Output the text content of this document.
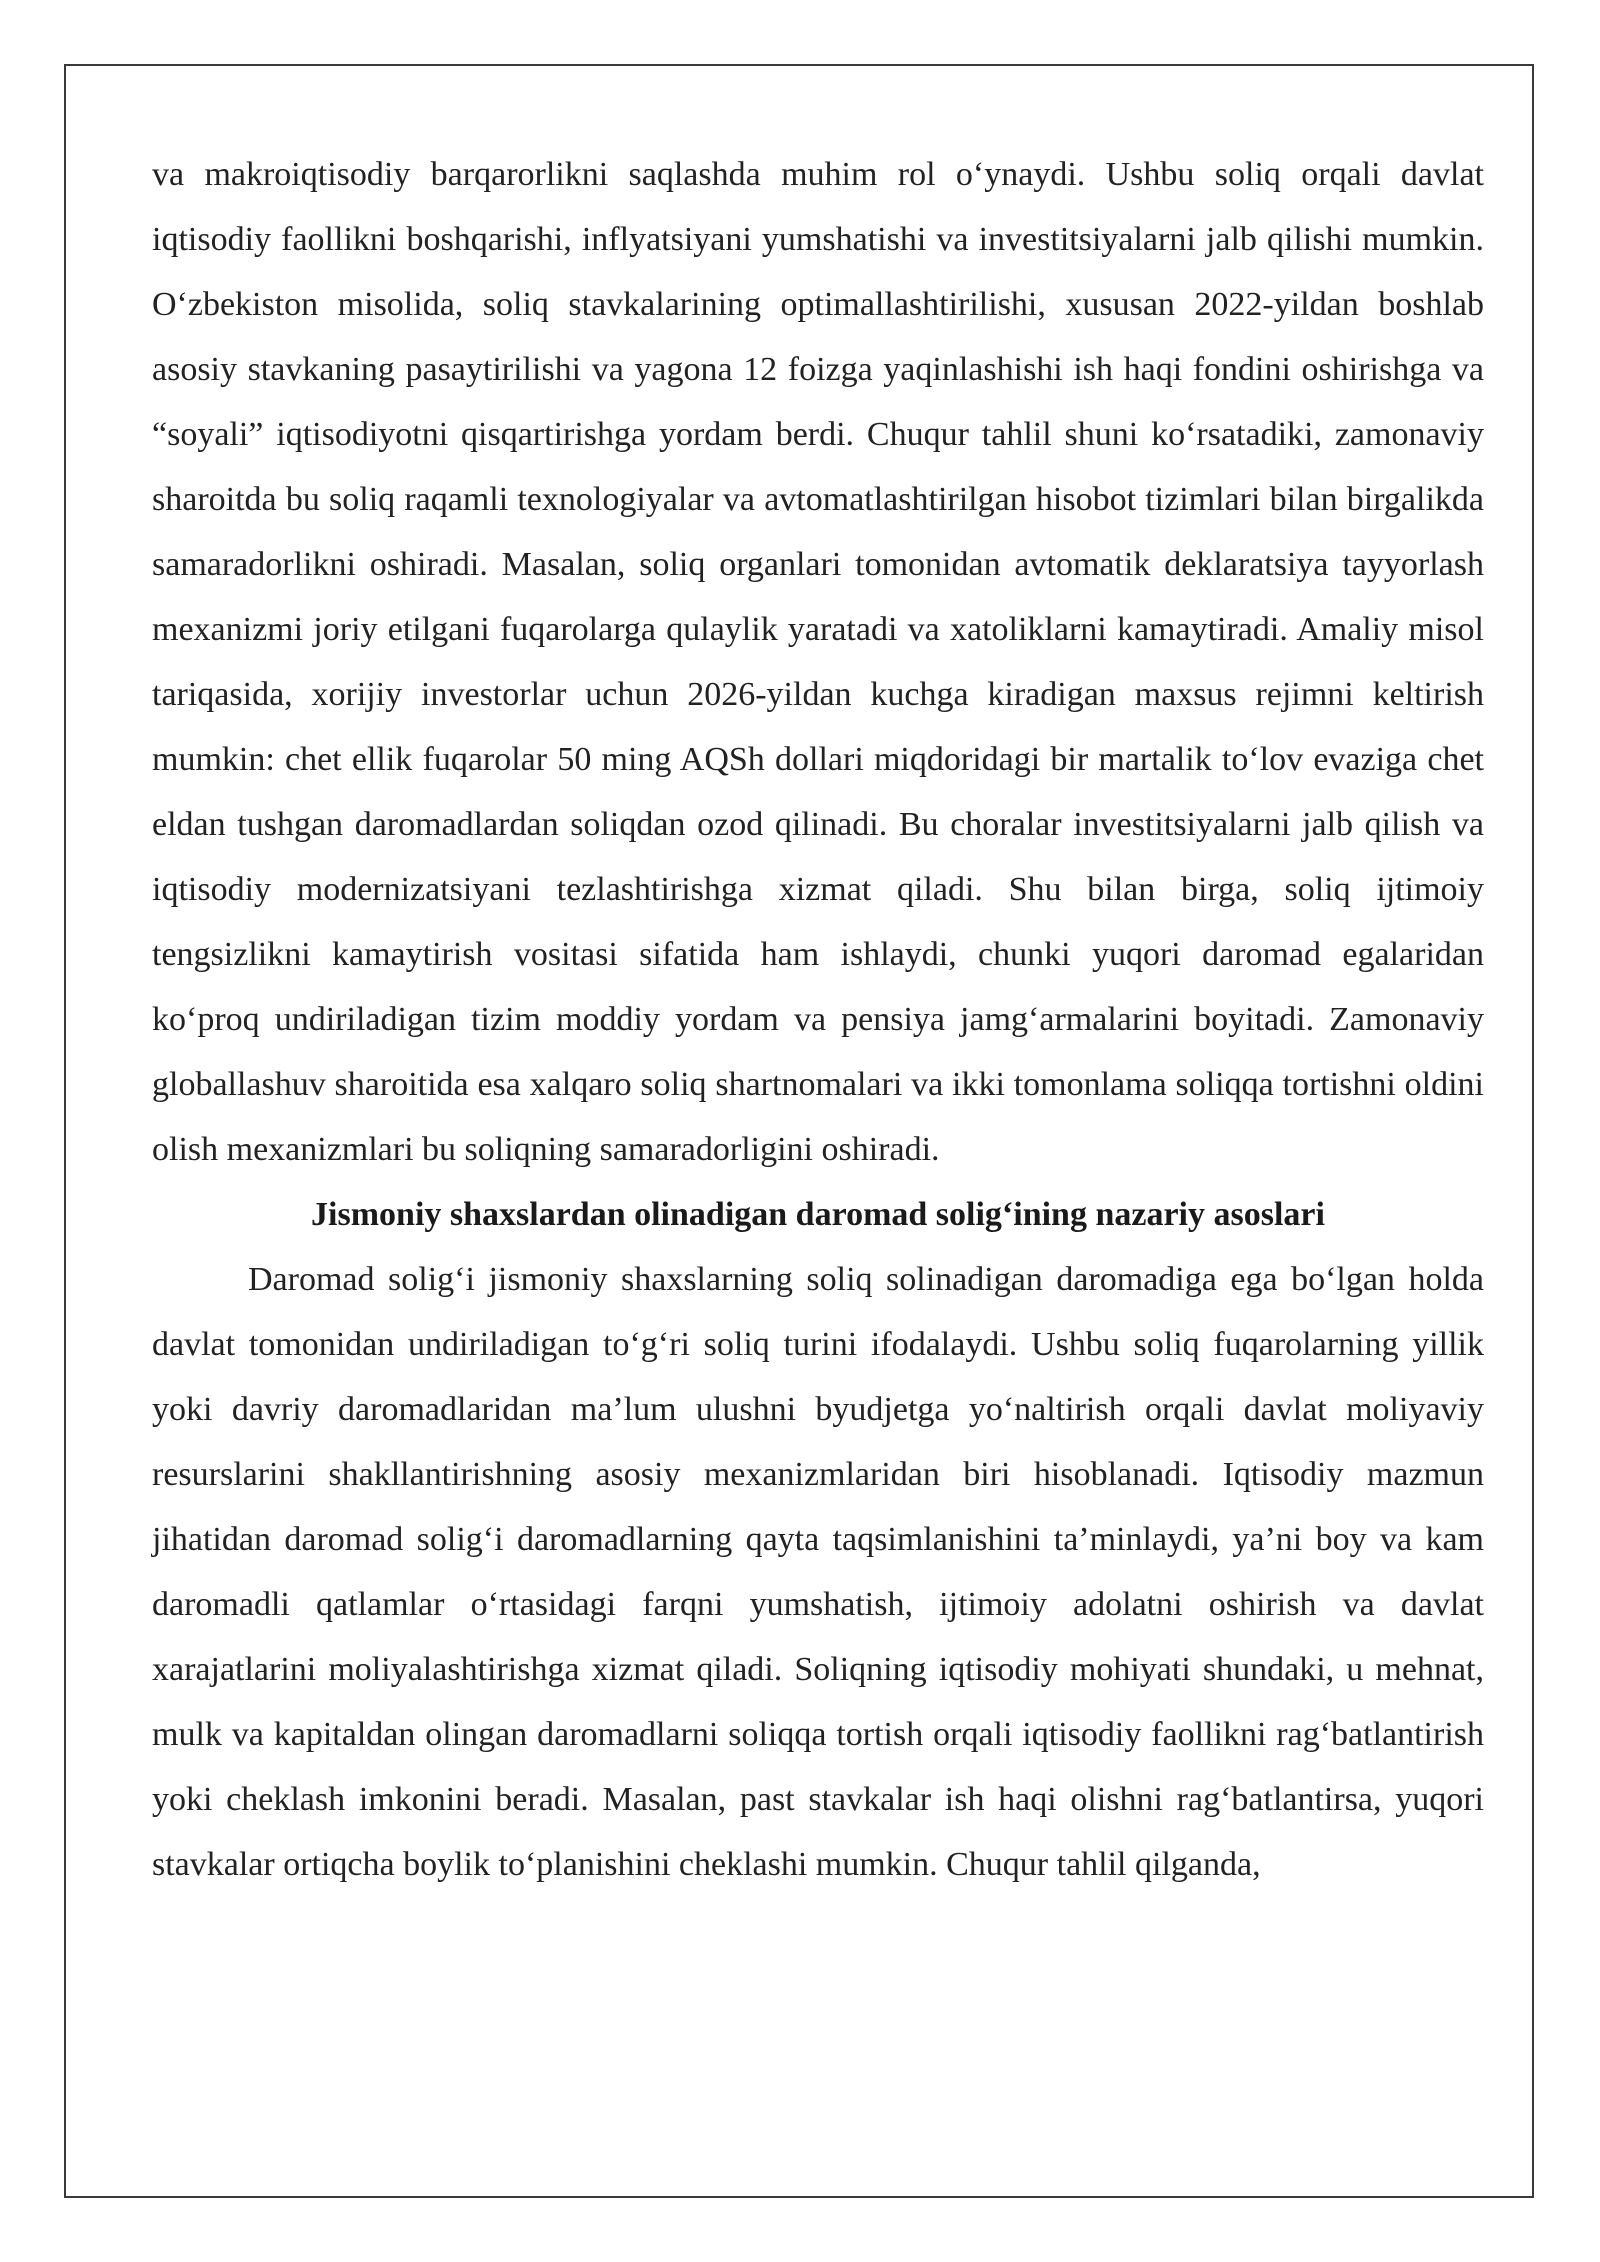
va makroiqtisodiy barqarorlikni saqlashda muhim rol o‘ynaydi. Ushbu soliq orqali davlat iqtisodiy faollikni boshqarishi, inflyatsiyani yumshatishi va investitsiyalarni jalb qilishi mumkin. O‘zbekiston misolida, soliq stavkalarining optimallashtirilishi, xususan 2022-yildan boshlab asosiy stavkaning pasaytirilishi va yagona 12 foizga yaqinlashishi ish haqi fondini oshirishga va “soyali” iqtisodiyotni qisqartirishga yordam berdi. Chuqur tahlil shuni ko‘rsatadiki, zamonaviy sharoitda bu soliq raqamli texnologiyalar va avtomatlashtirilgan hisobot tizimlari bilan birgalikda samaradorlikni oshiradi. Masalan, soliq organlari tomonidan avtomatik deklaratsiya tayyorlash mexanizmi joriy etilgani fuqarolarga qulaylik yaratadi va xatoliklarni kamaytiradi. Amaliy misol tariqasida, xorijiy investorlar uchun 2026-yildan kuchga kiradigan maxsus rejimni keltirish mumkin: chet ellik fuqarolar 50 ming AQSh dollari miqdoridagi bir martalik to‘lov evaziga chet eldan tushgan daromadlardan soliqdan ozod qilinadi. Bu choralar investitsiyalarni jalb qilish va iqtisodiy modernizatsiyani tezlashtirishga xizmat qiladi. Shu bilan birga, soliq ijtimoiy tengsizlikni kamaytirish vositasi sifatida ham ishlaydi, chunki yuqori daromad egalaridan ko‘proq undiriladigan tizim moddiy yordam va pensiya jamg‘armalarini boyitadi. Zamonaviy globallashuv sharoitida esa xalqaro soliq shartnomalari va ikki tomonlama soliqqa tortishni oldini olish mexanizmlari bu soliqning samaradorligini oshiradi.

Jismoniy shaxslardan olinadigan daromad solig‘ining nazariy asoslari

Daromad solig‘i jismoniy shaxslarning soliq solinadigan daromadiga ega bo‘lgan holda davlat tomonidan undiriladigan to‘g‘ri soliq turini ifodalaydi. Ushbu soliq fuqarolarning yillik yoki davriy daromadlaridan ma’lum ulushni byudjetga yo‘naltirish orqali davlat moliyaviy resurslarini shakllantirishning asosiy mexanizmlaridan biri hisoblanadi. Iqtisodiy mazmun jihatidan daromad solig‘i daromadlarning qayta taqsimlanishini ta’minlaydi, ya’ni boy va kam daromadli qatlamlar o‘rtasidagi farqni yumshatish, ijtimoiy adolatni oshirish va davlat xarajatlarini moliyalashtirishga xizmat qiladi. Soliqning iqtisodiy mohiyati shundaki, u mehnat, mulk va kapitaldan olingan daromadlarni soliqqa tortish orqali iqtisodiy faollikni rag‘batlantirish yoki cheklash imkonini beradi. Masalan, past stavkalar ish haqi olishni rag‘batlantirsa, yuqori stavkalar ortiqcha boylik to‘planishini cheklashi mumkin. Chuqur tahlil qilganda,
